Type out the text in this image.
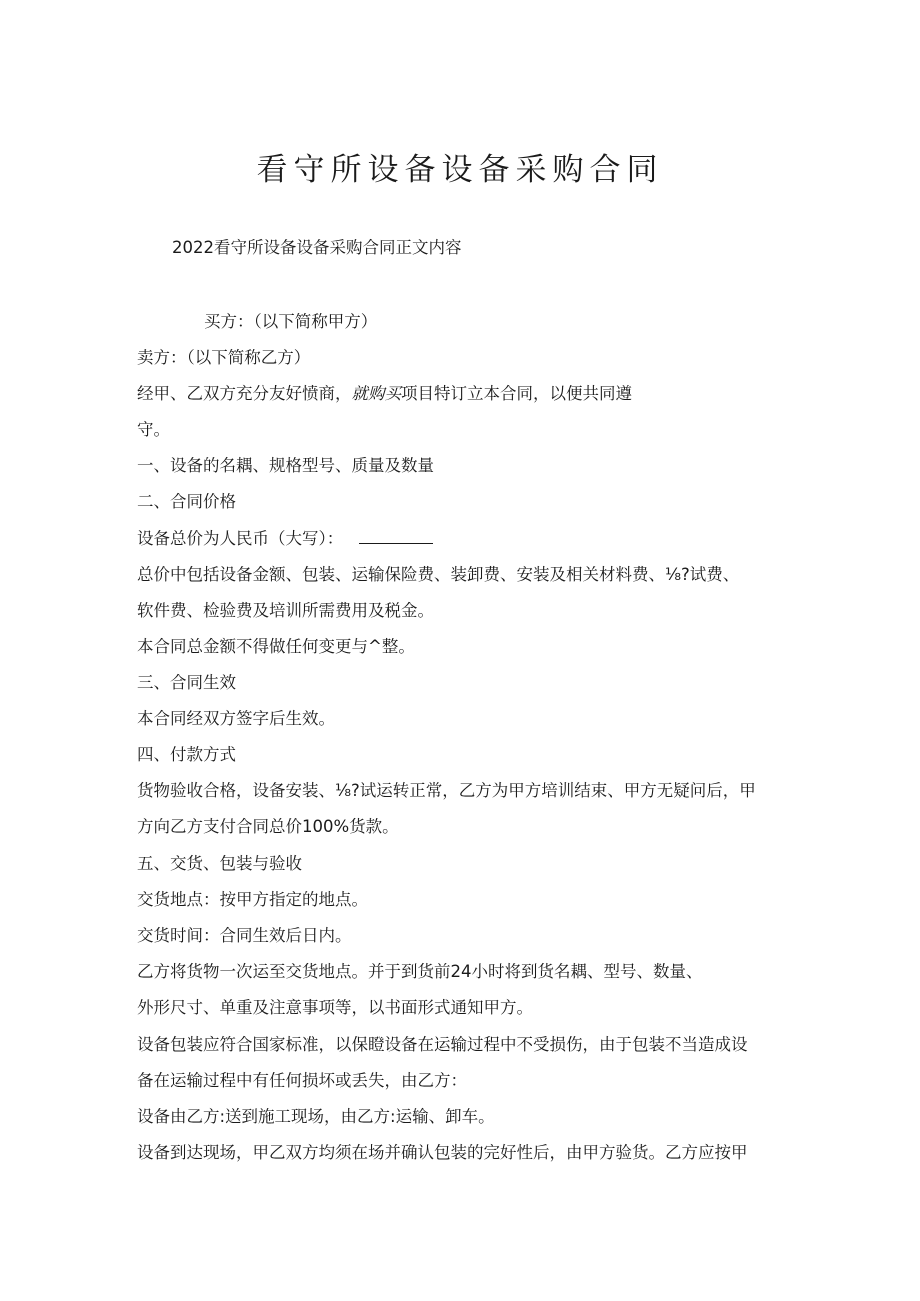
看守所设备设备采购合同

2022看守所设备设备采购合同正文内容

买方：（以下简称甲方）

卖方：（以下简称乙方）

经甲、乙双方充分友好愤商，就购买项目特订立本合同，以便共同遵

守。

一、设备的名耦、规格型号、质量及数量

二、合同价格

设备总价为人民币（大写）：

总价中包括设备金额、包装、运输保险费、装卸费、安装及相关材料费、⅛?试费、

软件费、检验费及培训所需费用及税金。

本合同总金额不得做任何变更与^整。

三、合同生效

本合同经双方签字后生效。

四、付款方式

货物验收合格，设备安装、⅛?试运转正常，乙方为甲方培训结束、甲方无疑问后，甲

方向乙方支付合同总价100%货款。

五、交货、包装与验收

交货地点：按甲方指定的地点。

交货时间：合同生效后日内。

乙方将货物一次运至交货地点。并于到货前24小时将到货名耦、型号、数量、

外形尺寸、单重及注意事项等，以书面形式通知甲方。

设备包装应符合国家标准，以保瞪设备在运输过程中不受损伤，由于包装不当造成设

备在运输过程中有任何损坏或丢失，由乙方：

设备由乙方:送到施工现场，由乙方:运输、卸车。

设备到达现场，甲乙双方均须在场并确认包装的完好性后，由甲方验货。乙方应按甲
